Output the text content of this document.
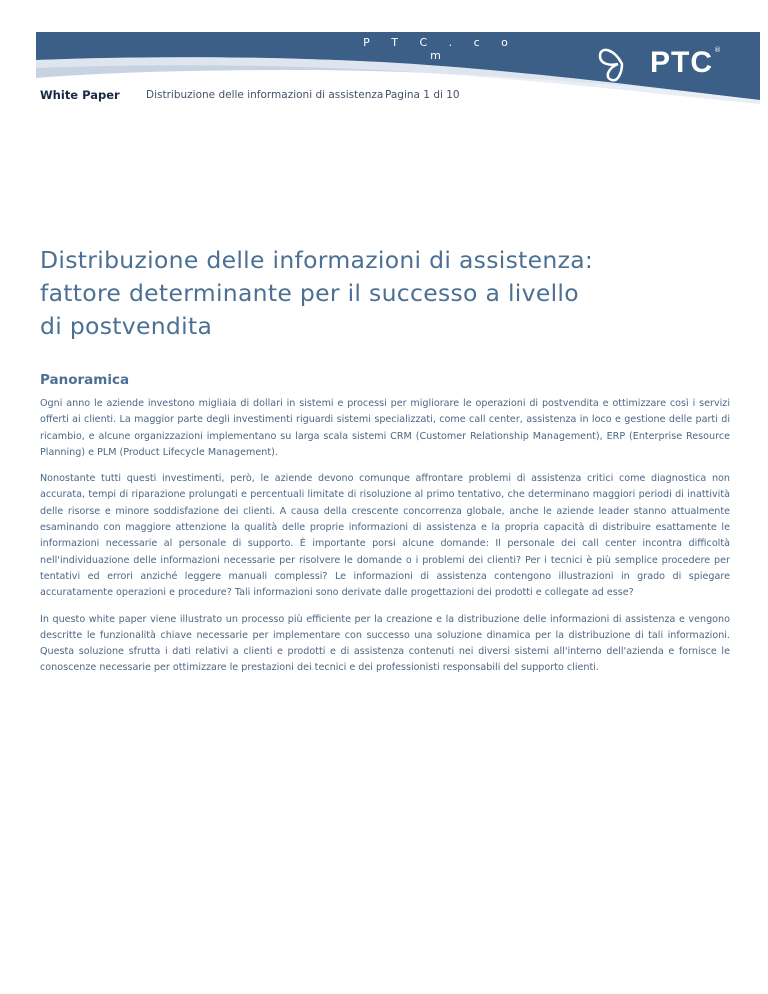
P T C . c o m	PTC ®
White Paper	Distribuzione delle informazioni di assistenza Pagina 1 di 10
Distribuzione delle informazioni di assistenza:
fattore determinante per il successo a livello
di postvendita
Panoramica

Ogni anno le aziende investono migliaia di dollari in sistemi e processi per migliorare le operazioni di postvendita e ottimizzare così i servizi offerti ai clienti. La maggior parte degli investimenti riguardi sistemi specializzati, come call center, assistenza in loco e gestione delle parti di ricambio, e alcune organizzazioni implementano su larga scala sistemi CRM (Customer Relationship Management), ERP (Enterprise Resource Planning) e PLM (Product Lifecycle Management).

Nonostante tutti questi investimenti, però, le aziende devono comunque affrontare problemi di assistenza critici come diagnostica non accurata, tempi di riparazione prolungati e percentuali limitate di risoluzione al primo tentativo, che determinano maggiori periodi di inattività delle risorse e minore soddisfazione dei clienti. A causa della crescente concorrenza globale, anche le aziende leader stanno attualmente esaminando con maggiore attenzione la qualità delle proprie informazioni di assistenza e la propria capacità di distribuire esattamente le informazioni necessarie al personale di supporto. È importante porsi alcune domande: Il personale dei call center incontra difficoltà nell'individuazione delle informazioni necessarie per risolvere le domande o i problemi dei clienti? Per i tecnici è più semplice procedere per tentativi ed errori anziché leggere manuali complessi? Le informazioni di assistenza contengono illustrazioni in grado di spiegare accuratamente operazioni e procedure? Tali informazioni sono derivate dalle progettazioni dei prodotti e collegate ad esse?

In questo white paper viene illustrato un processo più efficiente per la creazione e la distribuzione delle informazioni di assistenza e vengono descritte le funzionalità chiave necessarie per implementare con successo una soluzione dinamica per la distribuzione di tali informazioni. Questa soluzione sfrutta i dati relativi a clienti e prodotti e di assistenza contenuti nei diversi sistemi all'interno dell'azienda e fornisce le conoscenze necessarie per ottimizzare le prestazioni dei tecnici e dei professionisti responsabili del supporto clienti.
